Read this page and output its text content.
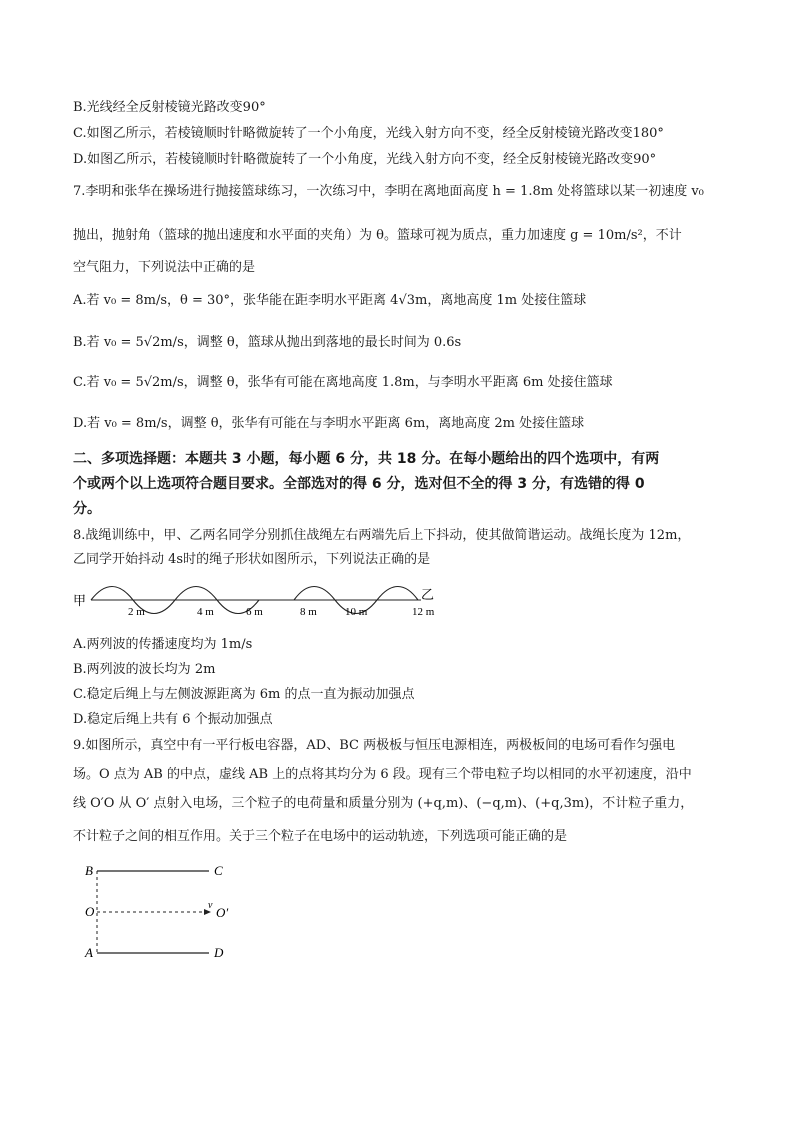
B.光线经全反射棱镜光路改变90°
C.如图乙所示，若棱镜顺时针略微旋转了一个小角度，光线入射方向不变，经全反射棱镜光路改变180°
D.如图乙所示，若棱镜顺时针略微旋转了一个小角度，光线入射方向不变，经全反射棱镜光路改变90°
7.李明和张华在操场进行抛接篮球练习，一次练习中，李明在离地面高度 h = 1.8m 处将篮球以某一初速度 v₀
抛出，抛射角（篮球的抛出速度和水平面的夹角）为 θ。篮球可视为质点，重力加速度 g = 10m/s²，不计
空气阻力，下列说法中正确的是
A.若 v₀ = 8m/s，θ = 30°，张华能在距李明水平距离 4√3m，离地高度 1m 处接住篮球
B.若 v₀ = 5√2m/s，调整 θ，篮球从抛出到落地的最长时间为 0.6s
C.若 v₀ = 5√2m/s，调整 θ，张华有可能在离地高度 1.8m，与李明水平距离 6m 处接住篮球
D.若 v₀ = 8m/s，调整 θ，张华有可能在与李明水平距离 6m，离地高度 2m 处接住篮球
二、多项选择题：本题共 3 小题，每小题 6 分，共 18 分。在每小题给出的四个选项中，有两
个或两个以上选项符合题目要求。全部选对的得 6 分，选对但不全的得 3 分，有选错的得 0
分。
8.战绳训练中，甲、乙两名同学分别抓住战绳左右两端先后上下抖动，使其做简谐运动。战绳长度为 12m，
乙同学开始抖动 4s时的绳子形状如图所示，下列说法正确的是
甲
2 m	4 m	6 m	8 m	10 m	12 m
乙
A.两列波的传播速度均为 1m/s
B.两列波的波长均为 2m
C.稳定后绳上与左侧波源距离为 6m 的点一直为振动加强点
D.稳定后绳上共有 6 个振动加强点
9.如图所示，真空中有一平行板电容器，AD、BC 两极板与恒压电源相连，两极板间的电场可看作匀强电
场。O 点为 AB 的中点，虚线 AB 上的点将其均分为 6 段。现有三个带电粒子均以相同的水平初速度，沿中
线 O′O 从 O′ 点射入电场，三个粒子的电荷量和质量分别为 (+q,m)、(−q,m)、(+q,3m)，不计粒子重力，
不计粒子之间的相互作用。关于三个粒子在电场中的运动轨迹，下列选项可能正确的是
B	C
O	v O′
A	D
